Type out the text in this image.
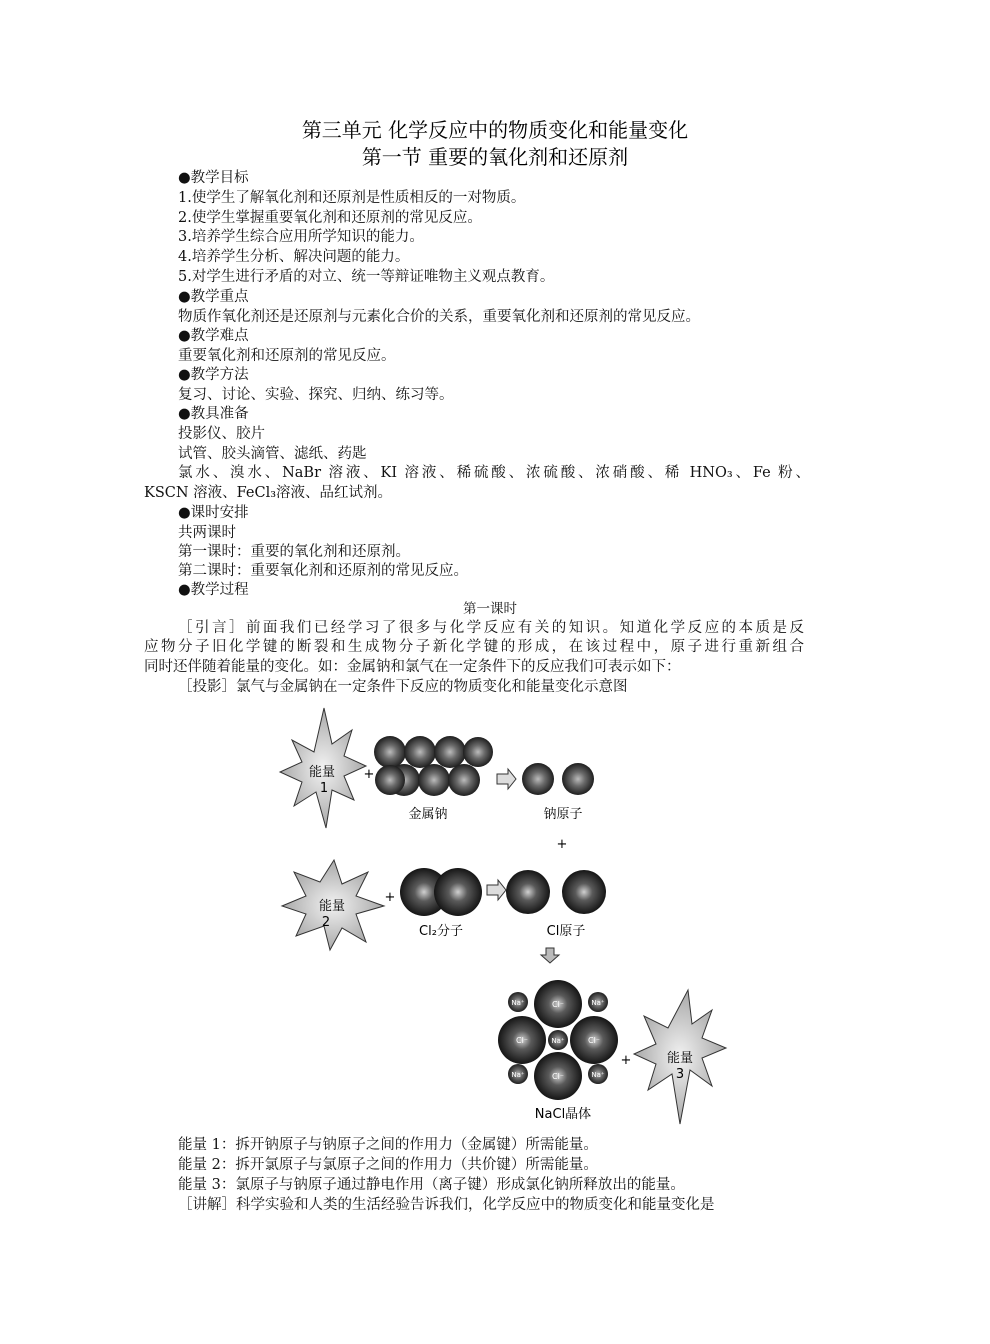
第三单元 化学反应中的物质变化和能量变化
第一节 重要的氧化剂和还原剂
●教学目标
1.使学生了解氧化剂和还原剂是性质相反的一对物质。
2.使学生掌握重要氧化剂和还原剂的常见反应。
3.培养学生综合应用所学知识的能力。
4.培养学生分析、解决问题的能力。
5.对学生进行矛盾的对立、统一等辩证唯物主义观点教育。
●教学重点
物质作氧化剂还是还原剂与元素化合价的关系，重要氧化剂和还原剂的常见反应。
●教学难点
重要氧化剂和还原剂的常见反应。
●教学方法
复习、讨论、实验、探究、归纳、练习等。
●教具准备
投影仪、胶片
试管、胶头滴管、滤纸、药匙
氯水、溴水、NaBr 溶液、KI 溶液、稀硫酸、浓硫酸、浓硝酸、稀 HNO₃、Fe 粉、
KSCN 溶液、FeCl₃溶液、品红试剂。
●课时安排
共两课时
第一课时：重要的氧化剂和还原剂。
第二课时：重要氧化剂和还原剂的常见反应。
●教学过程
第一课时
［引言］前面我们已经学习了很多与化学反应有关的知识。知道化学反应的本质是反
应物分子旧化学键的断裂和生成物分子新化学键的形成，在该过程中，原子进行重新组合
同时还伴随着能量的变化。如：金属钠和氯气在一定条件下的反应我们可表示如下：
［投影］氯气与金属钠在一定条件下反应的物质变化和能量变化示意图
能量
1
+
金属钠	钠原子
+
能量
2
+
Cl₂分子	Cl原子
Na⁺	Na⁺
Na⁺	Na⁺
Na⁺
Cl⁻
Cl⁻	Cl⁻
Cl⁻
NaCl晶体
+	能量
3
能量 1：拆开钠原子与钠原子之间的作用力（金属键）所需能量。
能量 2：拆开氯原子与氯原子之间的作用力（共价键）所需能量。
能量 3：氯原子与钠原子通过静电作用（离子键）形成氯化钠所释放出的能量。
［讲解］科学实验和人类的生活经验告诉我们，化学反应中的物质变化和能量变化是
